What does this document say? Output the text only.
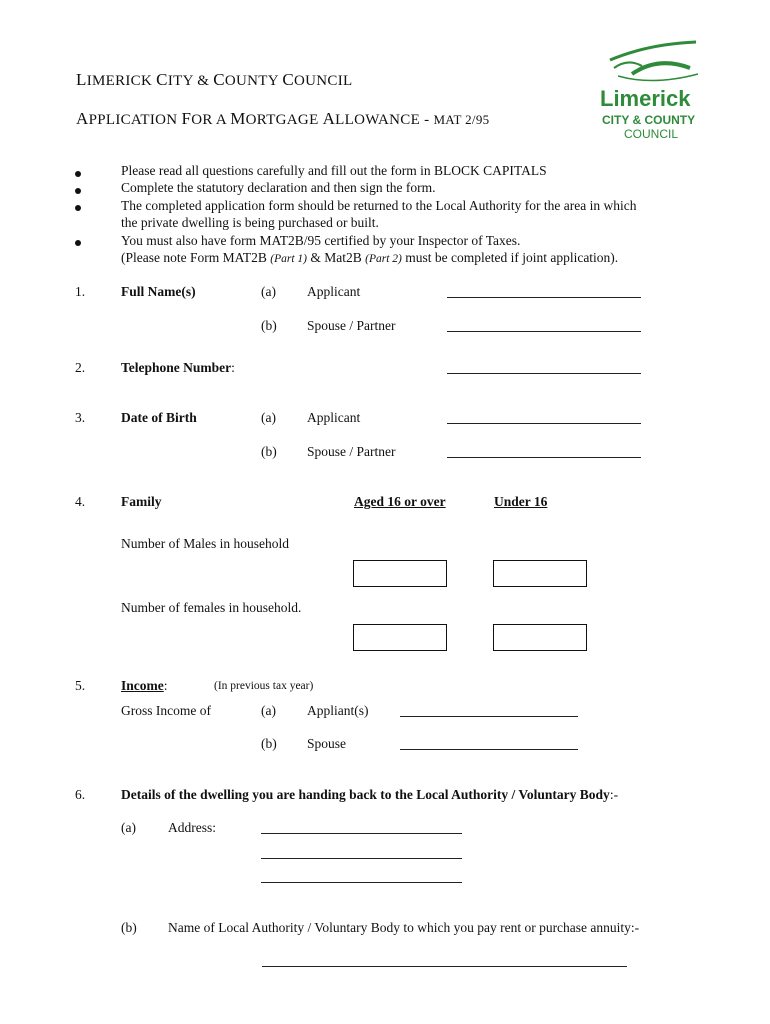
LIMERICK CITY & COUNTY COUNCIL
APPLICATION FOR A MORTGAGE ALLOWANCE - MAT 2/95
Limerick
CITY & COUNTY
COUNCIL
Please read all questions carefully and fill out the form in BLOCK CAPITALS
Complete the statutory declaration and then sign the form.
The completed application form should be returned to the Local Authority for the area in which
the private dwelling is being purchased or built.
You must also have form MAT2B/95 certified by your Inspector of Taxes.
(Please note Form MAT2B (Part 1) & Mat2B (Part 2) must be completed if joint application).
1.	Full Name(s)	(a) Applicant
(b) Spouse / Partner
2.	Telephone Number:
3.	Date of Birth	(a) Applicant
(b) Spouse / Partner
4.	Family	Aged 16 or over	Under 16
Number of Males in household
Number of females in household.
5.	Income:	(In previous tax year)
Gross Income of	(a) Appliant(s)
(b) Spouse
6.	Details of the dwelling you are handing back to the Local Authority / Voluntary Body:-
(a) Address:
(b) Name of Local Authority / Voluntary Body to which you pay rent or purchase annuity:-
